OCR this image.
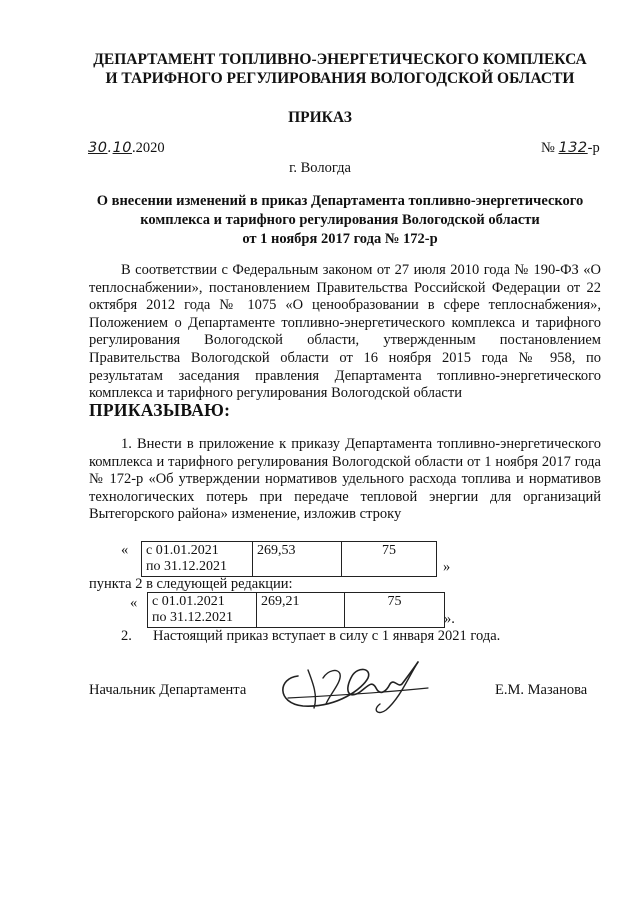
ДЕПАРТАМЕНТ ТОПЛИВНО-ЭНЕРГЕТИЧЕСКОГО КОМПЛЕКСА
И ТАРИФНОГО РЕГУЛИРОВАНИЯ ВОЛОГОДСКОЙ ОБЛАСТИ
ПРИКАЗ
30.10.2020	№ 132-р
г. Вологда
О внесении изменений в приказ Департамента топливно-энергетического
комплекса и тарифного регулирования Вологодской области
от 1 ноября 2017 года № 172-р
В соответствии с Федеральным законом от 27 июля 2010 года № 190-ФЗ «О теплоснабжении», постановлением Правительства Российской Федерации от 22 октября 2012 года № 1075 «О ценообразовании в сфере теплоснабжения», Положением о Департаменте топливно-энергетического комплекса и тарифного регулирования Вологодской области, утвержденным постановлением Правительства Вологодской области от 16 ноября 2015 года № 958, по результатам заседания правления Департамента топливно-энергетического комплекса и тарифного регулирования Вологодской области
ПРИКАЗЫВАЮ:
1. Внести в приложение к приказу Департамента топливно-энергетического комплекса и тарифного регулирования Вологодской области от 1 ноября 2017 года № 172-р «Об утверждении нормативов удельного расхода топлива и нормативов технологических потерь при передаче тепловой энергии для организаций Вытегорского района» изменение, изложив строку
« с 01.01.2021
по 31.12.2021
	269,53	75
»
пункта 2 в следующей редакции:
« с 01.01.2021
по 31.12.2021
	269,21	75
».
2. Настоящий приказ вступает в силу с 1 января 2021 года.
Начальник Департамента	Е.М. Мазанова
